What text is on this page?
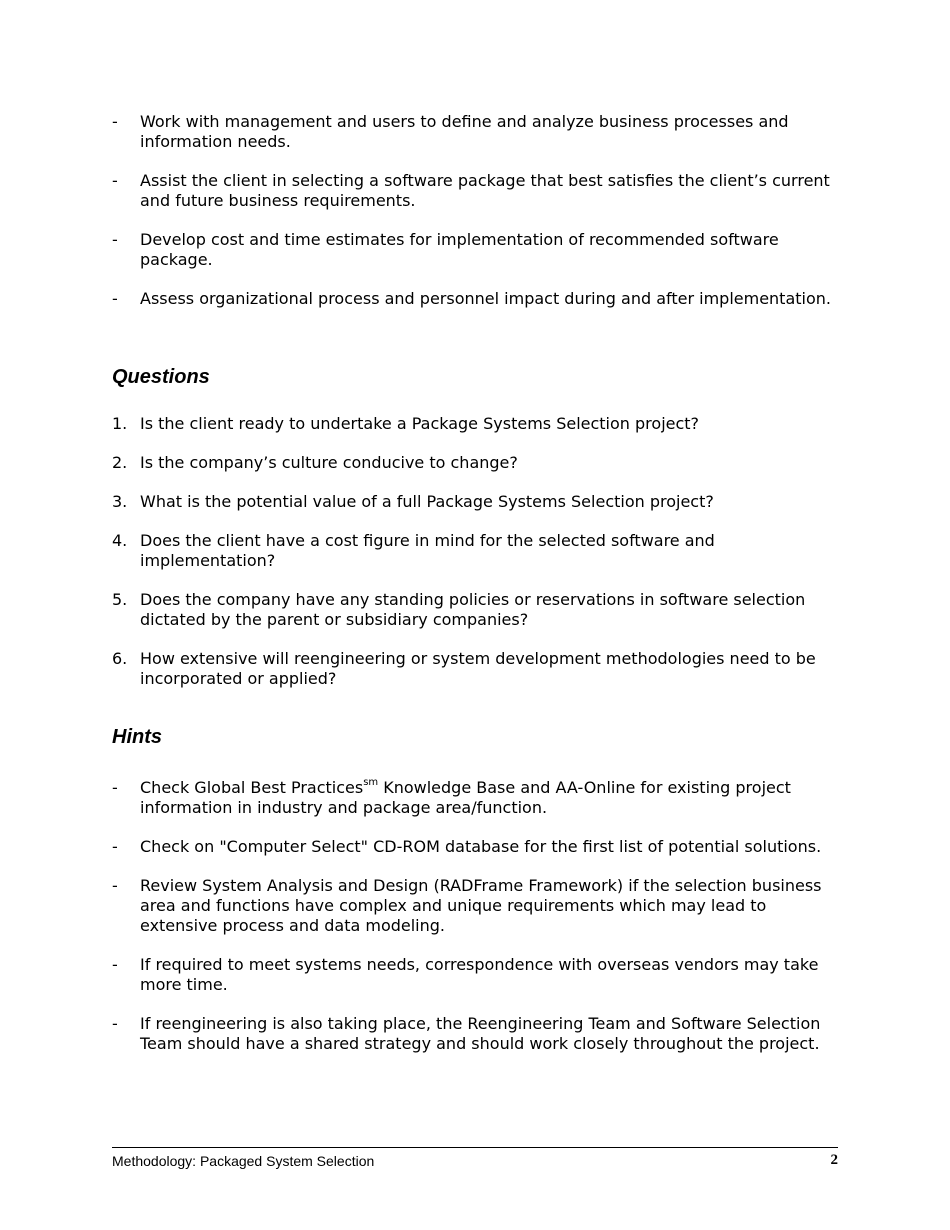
- Work with management and users to define and analyze business processes and information needs.
- Assist the client in selecting a software package that best satisfies the client’s current and future business requirements.
- Develop cost and time estimates for implementation of recommended software package.
- Assess organizational process and personnel impact during and after implementation.
Questions
1. Is the client ready to undertake a Package Systems Selection project?
2. Is the company’s culture conducive to change?
3. What is the potential value of a full Package Systems Selection project?
4. Does the client have a cost figure in mind for the selected software and implementation?
5. Does the company have any standing policies or reservations in software selection dictated by the parent or subsidiary companies?
6. How extensive will reengineering or system development methodologies need to be incorporated or applied?
Hints
- Check Global Best Practices$^{sm}$ Knowledge Base and AA-Online for existing project information in industry and package area/function.
- Check on "Computer Select" CD-ROM database for the first list of potential solutions.
- Review System Analysis and Design (RADFrame Framework) if the selection business area and functions have complex and unique requirements which may lead to extensive process and data modeling.
- If required to meet systems needs, correspondence with overseas vendors may take more time.
- If reengineering is also taking place, the Reengineering Team and Software Selection Team should have a shared strategy and should work closely throughout the project.
Methodology: Packaged System Selection	2
